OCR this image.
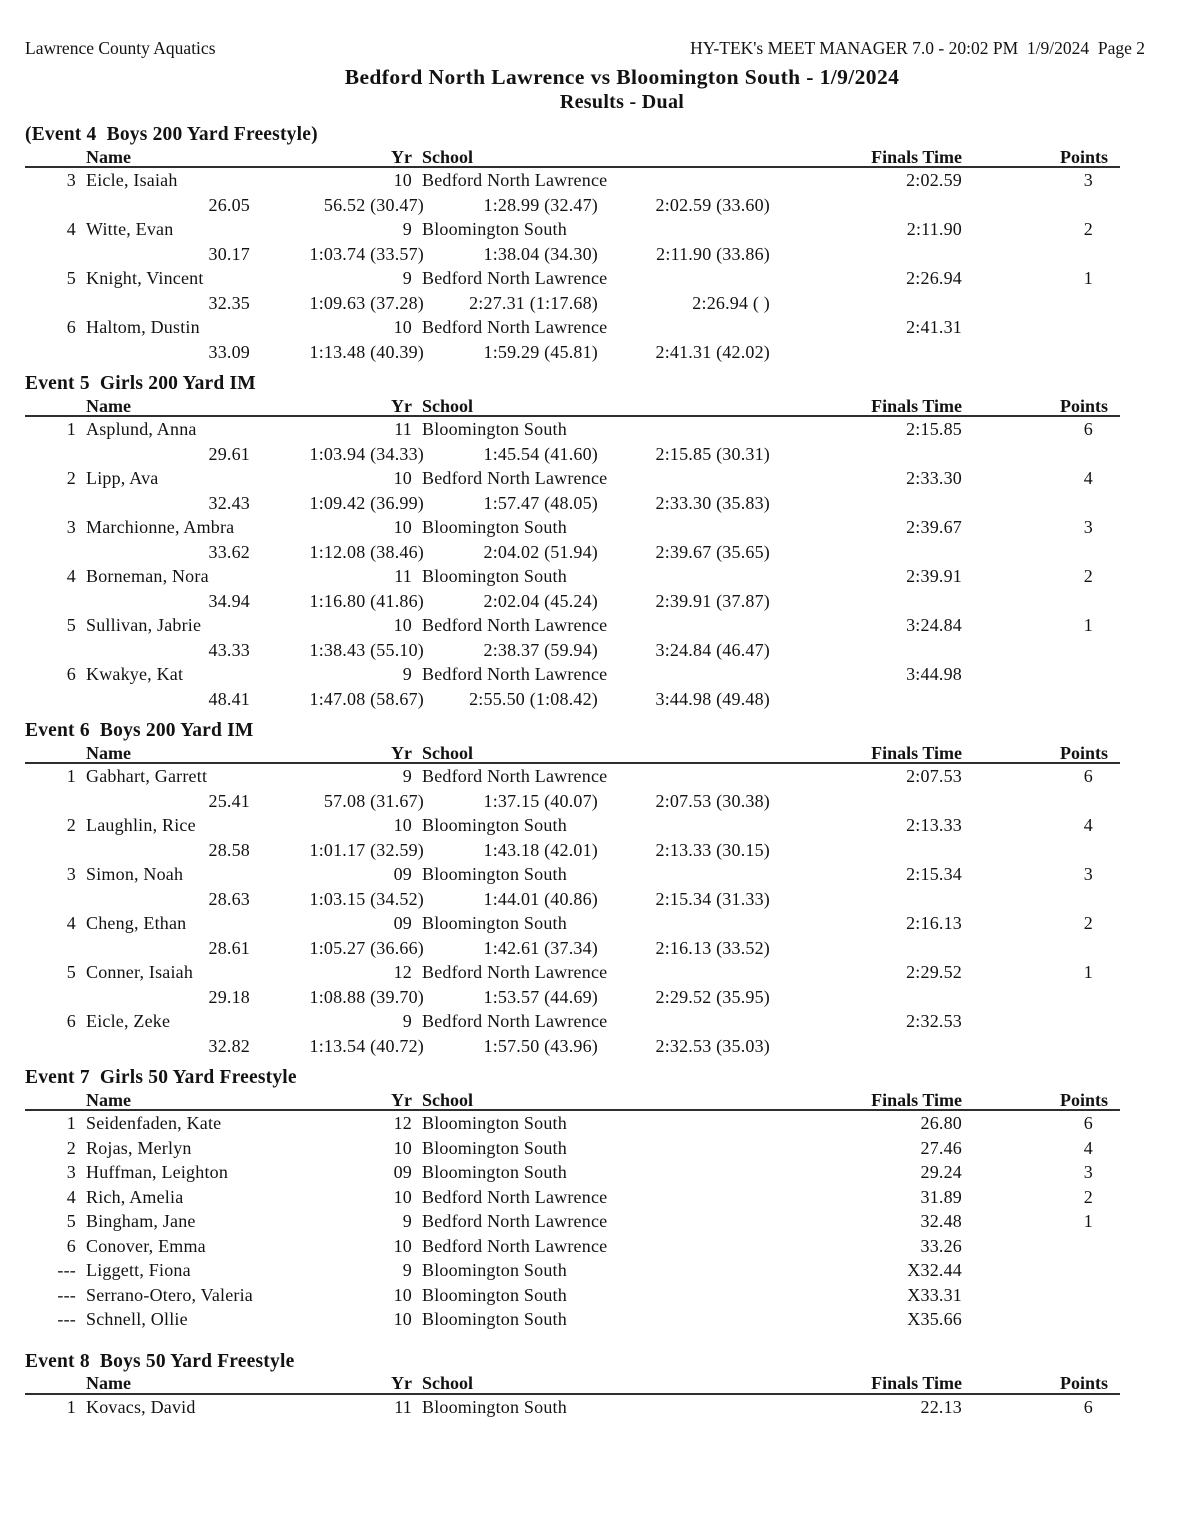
Lawrence County Aquatics	HY-TEK's MEET MANAGER 7.0 - 20:02 PM  1/9/2024  Page 2
Bedford North Lawrence vs Bloomington South - 1/9/2024
Results - Dual
(Event 4  Boys 200 Yard Freestyle)
Name	Yr School	Finals Time	Points
3 Eicle, Isaiah	10 Bedford North Lawrence	2:02.59	3
26.05	56.52 (30.47)	1:28.99 (32.47)	2:02.59 (33.60)
4 Witte, Evan	9 Bloomington South	2:11.90	2
30.17	1:03.74 (33.57)	1:38.04 (34.30)	2:11.90 (33.86)
5 Knight, Vincent	9 Bedford North Lawrence	2:26.94	1
32.35	1:09.63 (37.28)	2:27.31 (1:17.68)	2:26.94 ( )
6 Haltom, Dustin	10 Bedford North Lawrence	2:41.31
33.09	1:13.48 (40.39)	1:59.29 (45.81)	2:41.31 (42.02)
Event 5  Girls 200 Yard IM
Name	Yr School	Finals Time	Points
1 Asplund, Anna	11 Bloomington South	2:15.85	6
29.61	1:03.94 (34.33)	1:45.54 (41.60)	2:15.85 (30.31)
2 Lipp, Ava	10 Bedford North Lawrence	2:33.30	4
32.43	1:09.42 (36.99)	1:57.47 (48.05)	2:33.30 (35.83)
3 Marchionne, Ambra	10 Bloomington South	2:39.67	3
33.62	1:12.08 (38.46)	2:04.02 (51.94)	2:39.67 (35.65)
4 Borneman, Nora	11 Bloomington South	2:39.91	2
34.94	1:16.80 (41.86)	2:02.04 (45.24)	2:39.91 (37.87)
5 Sullivan, Jabrie	10 Bedford North Lawrence	3:24.84	1
43.33	1:38.43 (55.10)	2:38.37 (59.94)	3:24.84 (46.47)
6 Kwakye, Kat	9 Bedford North Lawrence	3:44.98
48.41	1:47.08 (58.67)	2:55.50 (1:08.42)	3:44.98 (49.48)
Event 6  Boys 200 Yard IM
Name	Yr School	Finals Time	Points
1 Gabhart, Garrett	9 Bedford North Lawrence	2:07.53	6
25.41	57.08 (31.67)	1:37.15 (40.07)	2:07.53 (30.38)
2 Laughlin, Rice	10 Bloomington South	2:13.33	4
28.58	1:01.17 (32.59)	1:43.18 (42.01)	2:13.33 (30.15)
3 Simon, Noah	09 Bloomington South	2:15.34	3
28.63	1:03.15 (34.52)	1:44.01 (40.86)	2:15.34 (31.33)
4 Cheng, Ethan	09 Bloomington South	2:16.13	2
28.61	1:05.27 (36.66)	1:42.61 (37.34)	2:16.13 (33.52)
5 Conner, Isaiah	12 Bedford North Lawrence	2:29.52	1
29.18	1:08.88 (39.70)	1:53.57 (44.69)	2:29.52 (35.95)
6 Eicle, Zeke	9 Bedford North Lawrence	2:32.53
32.82	1:13.54 (40.72)	1:57.50 (43.96)	2:32.53 (35.03)
Event 7  Girls 50 Yard Freestyle
Name	Yr School	Finals Time	Points
1 Seidenfaden, Kate	12 Bloomington South	26.80	6
2 Rojas, Merlyn	10 Bloomington South	27.46	4
3 Huffman, Leighton	09 Bloomington South	29.24	3
4 Rich, Amelia	10 Bedford North Lawrence	31.89	2
5 Bingham, Jane	9 Bedford North Lawrence	32.48	1
6 Conover, Emma	10 Bedford North Lawrence	33.26
--- Liggett, Fiona	9 Bloomington South	X32.44
--- Serrano-Otero, Valeria	10 Bloomington South	X33.31
--- Schnell, Ollie	10 Bloomington South	X35.66
Event 8  Boys 50 Yard Freestyle
Name	Yr School	Finals Time	Points
1 Kovacs, David	11 Bloomington South	22.13	6
